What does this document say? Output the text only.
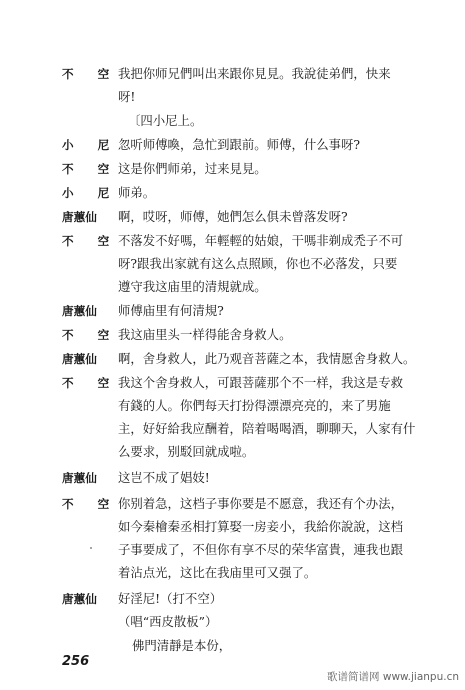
不 空我把你师兄們叫出来跟你見見。我說徒弟們，快来
呀!
〔四小尼上。
小 尼忽听师傅喚，急忙到跟前。师傅，什么事呀?
不 空这是你們师弟，过来見見。
小 尼师弟。
唐蕙仙 啊，哎呀，师傅，她們怎么俱未曾落发呀?
不 空不落发不好嗎，年輕輕的姑娘，干嗎非剃成禿子不可
呀?跟我出家就有这么点照顾，你也不必落发，只要
遵守我这庙里的清規就成。
唐蕙仙 师傅庙里有何清規?
不 空我这庙里头一样得能舍身救人。
唐蕙仙 啊，舍身救人，此乃观音菩薩之本，我情愿舍身救人。
不 空我这个舍身救人，可跟菩薩那个不一样，我这是专救
有錢的人。你們每天打扮得漂漂亮亮的，来了男施
主，好好給我应酬着，陪着喝喝酒，聊聊天，人家有什
么要求，别駁回就成啦。
唐蕙仙 这岂不成了娼妓!
不 空你别着急，这档子事你要是不愿意，我还有个办法，
如今秦檜秦丞相打算娶一房妾小，我給你說說，这档
子事要成了，不但你有享不尽的荣华富貴，連我也跟
着沾点光，这比在我庙里可又强了。
唐蕙仙 好淫尼!（打不空）
（唱“西皮散板”）
佛門清靜是本份，
256
歌谱简谱网 www.jianpu.cn
